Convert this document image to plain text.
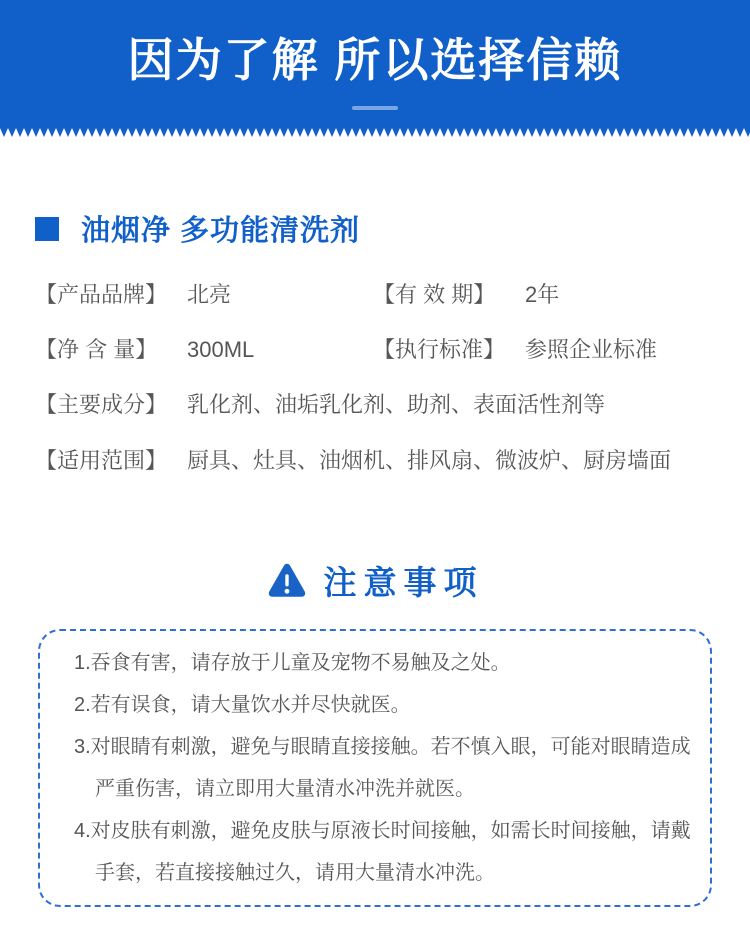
因为了解 所以选择信赖
油烟净 多功能清洗剂
【产品品牌】 北亮	【有 效 期】	2年
【净 含 量】	300ML	【执行标准】 参照企业标准
【主要成分】 乳化剂、油垢乳化剂、助剂、表面活性剂等
【适用范围】 厨具、灶具、油烟机、排风扇、微波炉、厨房墙面
注意事项

1.吞食有害，请存放于儿童及宠物不易触及之处。

2.若有误食，请大量饮水并尽快就医。

3.对眼睛有刺激，避免与眼睛直接接触。若不慎入眼，可能对眼睛造成严重伤害，请立即用大量清水冲洗并就医。

4.对皮肤有刺激，避免皮肤与原液长时间接触，如需长时间接触，请戴手套，若直接接触过久，请用大量清水冲洗。
